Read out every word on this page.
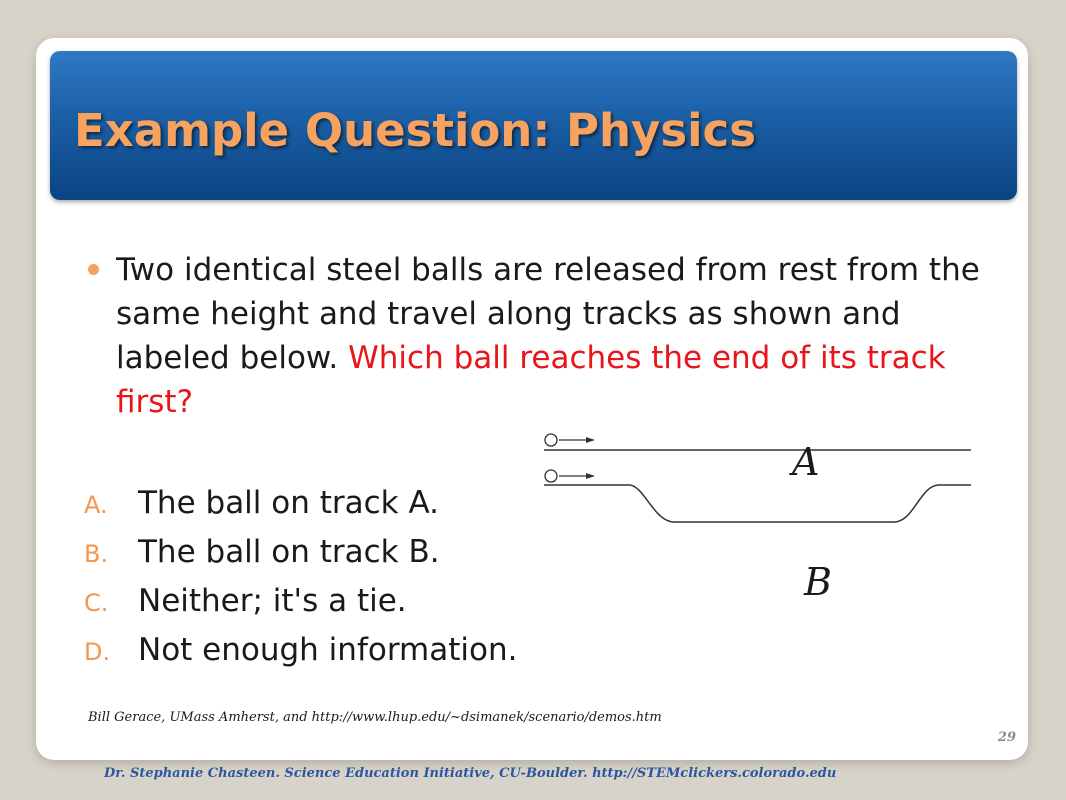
Example Question: Physics

Two identical steel balls are released from rest from the same height and travel along tracks as shown and labeled below. Which ball reaches the end of its track first?

A. The ball on track A.
B. The ball on track B.
C. Neither; it's a tie.
D. Not enough information.
A
B
Bill Gerace, UMass Amherst, and http://www.lhup.edu/~dsimanek/scenario/demos.htm
29
Dr. Stephanie Chasteen. Science Education Initiative, CU-Boulder. http://STEMclickers.colorado.edu
